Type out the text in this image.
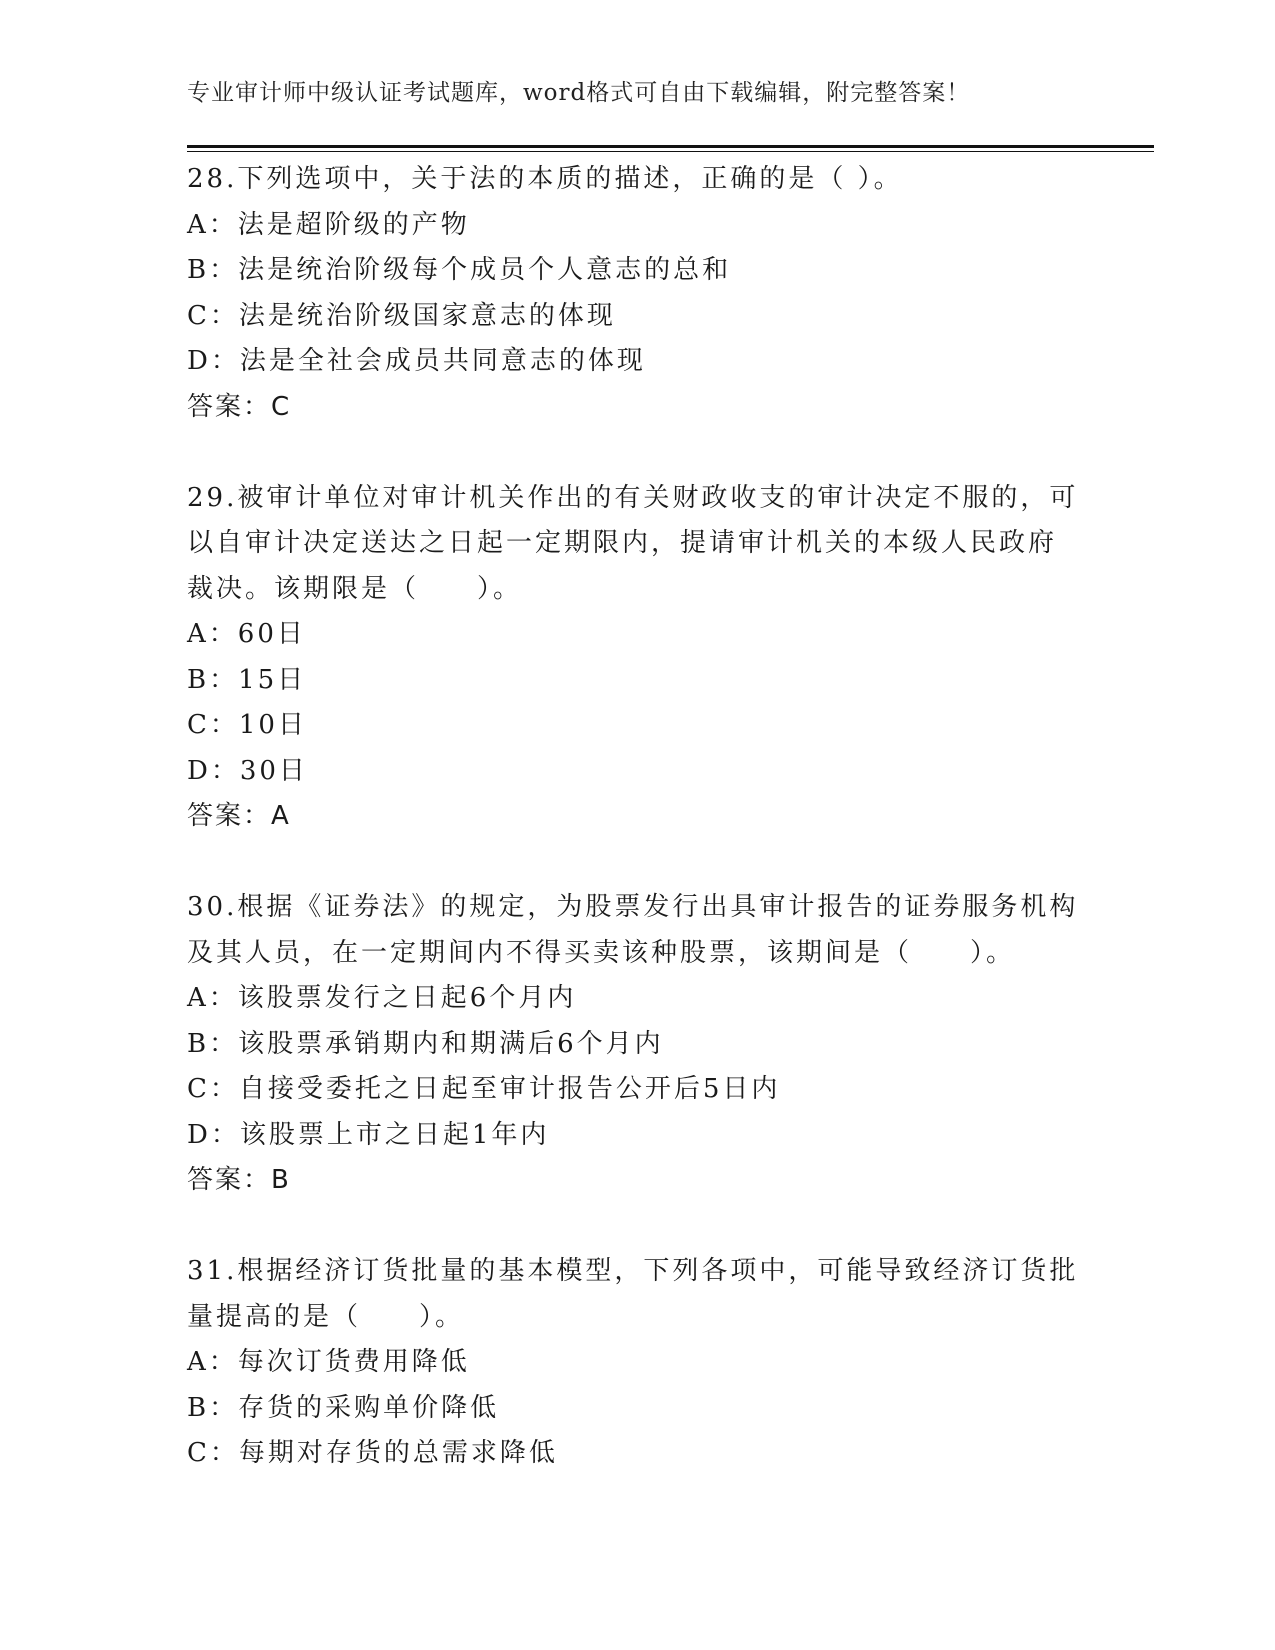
专业审计师中级认证考试题库，word格式可自由下载编辑，附完整答案！
28.下列选项中，关于法的本质的描述，正确的是（ ）。
A：法是超阶级的产物
B：法是统治阶级每个成员个人意志的总和
C：法是统治阶级国家意志的体现
D：法是全社会成员共同意志的体现
答案：C
29.被审计单位对审计机关作出的有关财政收支的审计决定不服的，可
以自审计决定送达之日起一定期限内，提请审计机关的本级人民政府
裁决。该期限是（　　）。
A：60日
B：15日
C：10日
D：30日
答案：A
30.根据《证券法》的规定，为股票发行出具审计报告的证券服务机构
及其人员，在一定期间内不得买卖该种股票，该期间是（　　）。
A：该股票发行之日起6个月内
B：该股票承销期内和期满后6个月内
C：自接受委托之日起至审计报告公开后5日内
D：该股票上市之日起1年内
答案：B
31.根据经济订货批量的基本模型，下列各项中，可能导致经济订货批
量提高的是（　　）。
A：每次订货费用降低
B：存货的采购单价降低
C：每期对存货的总需求降低
